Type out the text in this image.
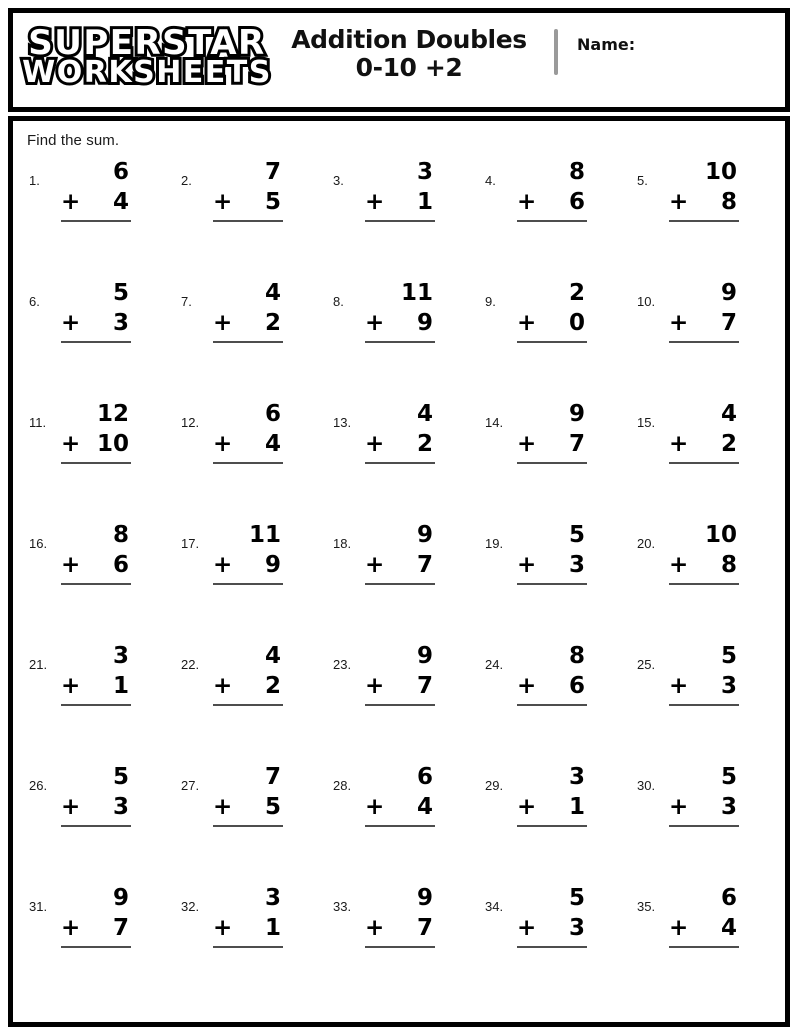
SUPERSTAR
WORKSHEETS
Addition Doubles
0-10 +2
Name:
Find the sum.
1.	6
+ 4
2.	7
+ 5
3.	3
+ 1
4.	8
+ 6
5.	10
+ 8
6.	5
+ 3
7.	4
+ 2
8.	11
+ 9
9.	2
+ 0
10.	9
+ 7
11.	12
+ 10
12.	6
+ 4
13.	4
+ 2
14.	9
+ 7
15.	4
+ 2
16.	8
+ 6
17.	11
+ 9
18.	9
+ 7
19.	5
+ 3
20.	10
+ 8
21.	3
+ 1
22.	4
+ 2
23.	9
+ 7
24.	8
+ 6
25.	5
+ 3
26.	5
+ 3
27.	7
+ 5
28.	6
+ 4
29.	3
+ 1
30.	5
+ 3
31.	9
+ 7
32.	3
+ 1
33.	9
+ 7
34.	5
+ 3
35.	6
+ 4
